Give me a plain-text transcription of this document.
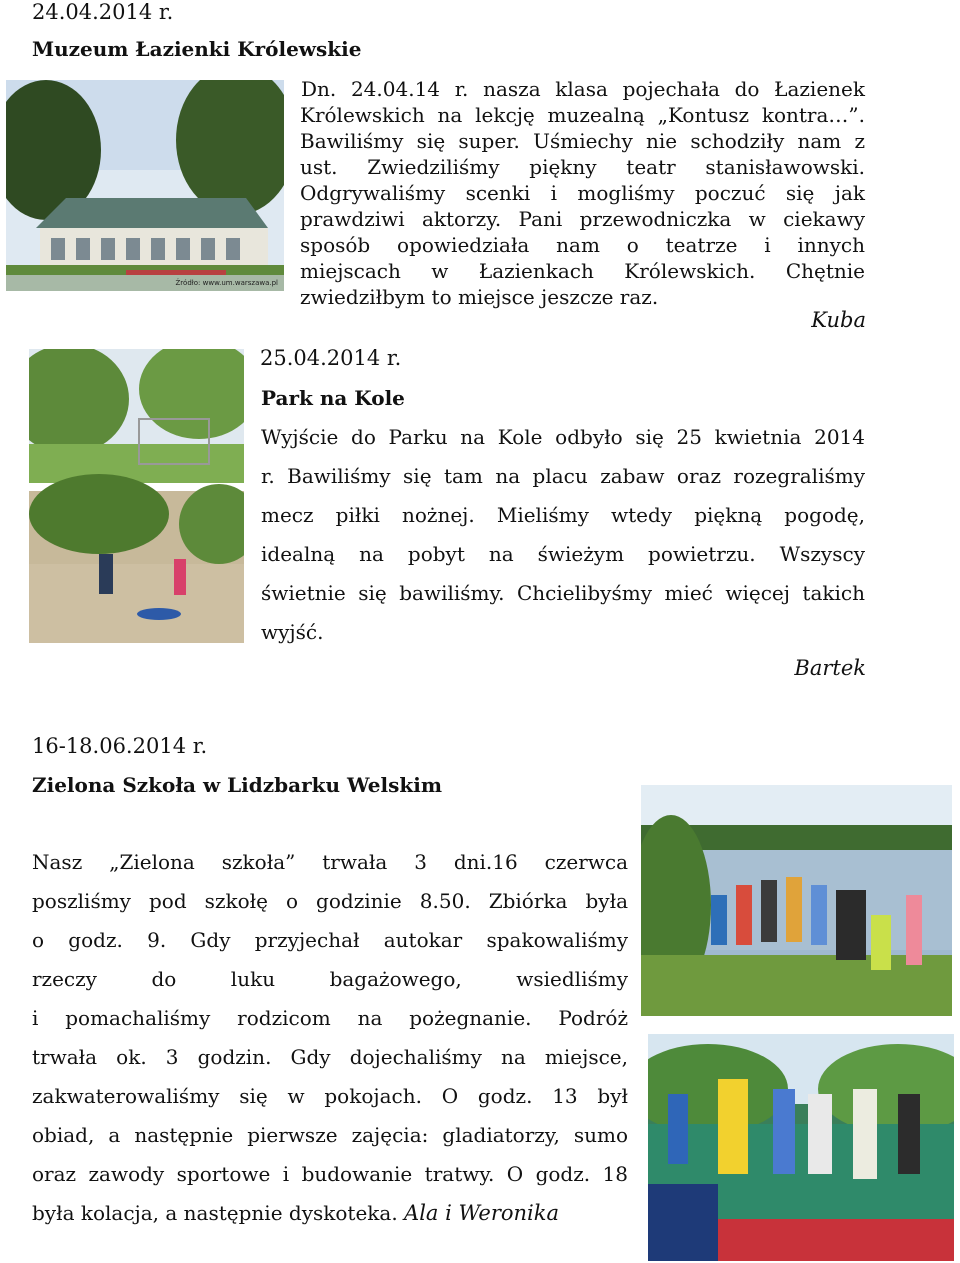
24.04.2014 r.
Muzeum Łazienki Królewskie
Źródło: www.um.warszawa.pl
Dn. 24.04.14 r. nasza klasa pojechała do Łazienek
Królewskich na lekcję muzealną „Kontusz kontra…”.
Bawiliśmy się super. Uśmiechy nie schodziły nam z
ust. Zwiedziliśmy piękny teatr stanisławowski.
Odgrywaliśmy scenki i mogliśmy poczuć się jak
prawdziwi aktorzy. Pani przewodniczka w ciekawy
sposób opowiedziała nam o teatrze i innych
miejscach w Łazienkach Królewskich. Chętnie
zwiedziłbym to miejsce jeszcze raz.
Kuba
25.04.2014 r.
Park na Kole
Wyjście do Parku na Kole odbyło się 25 kwietnia 2014
r. Bawiliśmy się tam na placu zabaw oraz rozegraliśmy
mecz piłki nożnej. Mieliśmy wtedy piękną pogodę,
idealną na pobyt na świeżym powietrzu. Wszyscy
świetnie się bawiliśmy. Chcielibyśmy mieć więcej takich
wyjść.
Bartek
16-18.06.2014 r.
Zielona Szkoła w Lidzbarku Welskim
Nasz „Zielona szkoła” trwała 3 dni.16 czerwca
poszliśmy pod szkołę o godzinie 8.50. Zbiórka była
o godz. 9. Gdy przyjechał autokar spakowaliśmy
rzeczy do luku bagażowego, wsiedliśmy
i pomachaliśmy rodzicom na pożegnanie. Podróż
trwała ok. 3 godzin. Gdy dojechaliśmy na miejsce,
zakwaterowaliśmy się w pokojach. O godz. 13 był
obiad, a następnie pierwsze zajęcia: gladiatorzy, sumo
oraz zawody sportowe i budowanie tratwy. O godz. 18
była kolacja, a następnie dyskoteka. Ala i Weronika
